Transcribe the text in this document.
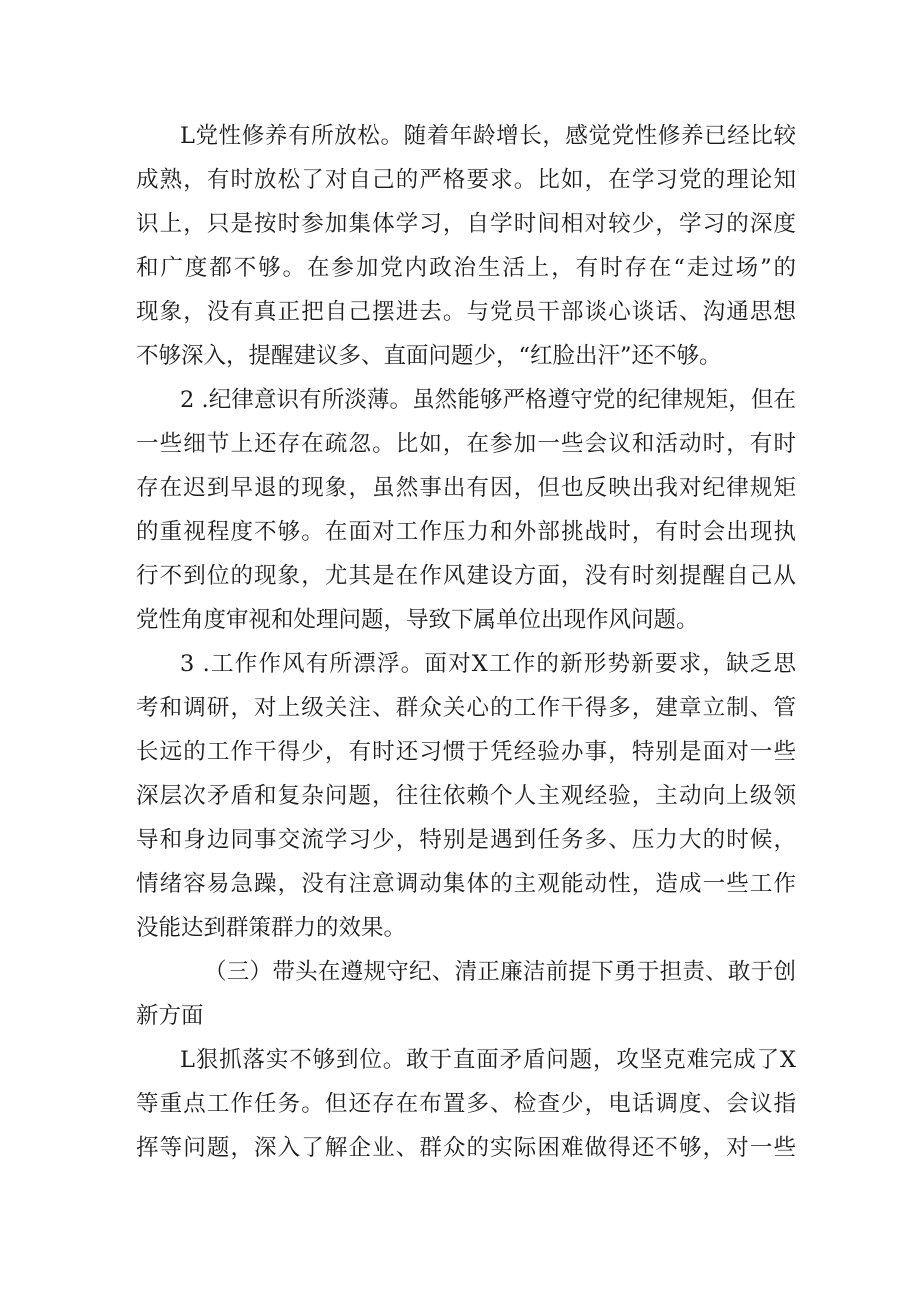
L党性修养有所放松。随着年龄增长，感觉党性修养已经比较
成熟，有时放松了对自己的严格要求。比如，在学习党的理论知
识上，只是按时参加集体学习，自学时间相对较少，学习的深度
和广度都不够。在参加党内政治生活上，有时存在“走过场”的
现象，没有真正把自己摆进去。与党员干部谈心谈话、沟通思想
不够深入，提醒建议多、直面问题少，“红脸出汗”还不够。
2 .纪律意识有所淡薄。虽然能够严格遵守党的纪律规矩，但在
一些细节上还存在疏忽。比如，在参加一些会议和活动时，有时
存在迟到早退的现象，虽然事出有因，但也反映出我对纪律规矩
的重视程度不够。在面对工作压力和外部挑战时，有时会出现执
行不到位的现象，尤其是在作风建设方面，没有时刻提醒自己从
党性角度审视和处理问题，导致下属单位出现作风问题。
3 .工作作风有所漂浮。面对X工作的新形势新要求，缺乏思
考和调研，对上级关注、群众关心的工作干得多，建章立制、管
长远的工作干得少，有时还习惯于凭经验办事，特别是面对一些
深层次矛盾和复杂问题，往往依赖个人主观经验，主动向上级领
导和身边同事交流学习少，特别是遇到任务多、压力大的时候，
情绪容易急躁，没有注意调动集体的主观能动性，造成一些工作
没能达到群策群力的效果。
（三）带头在遵规守纪、清正廉洁前提下勇于担责、敢于创
新方面
L狠抓落实不够到位。敢于直面矛盾问题，攻坚克难完成了X
等重点工作任务。但还存在布置多、检查少，电话调度、会议指
挥等问题，深入了解企业、群众的实际困难做得还不够，对一些
